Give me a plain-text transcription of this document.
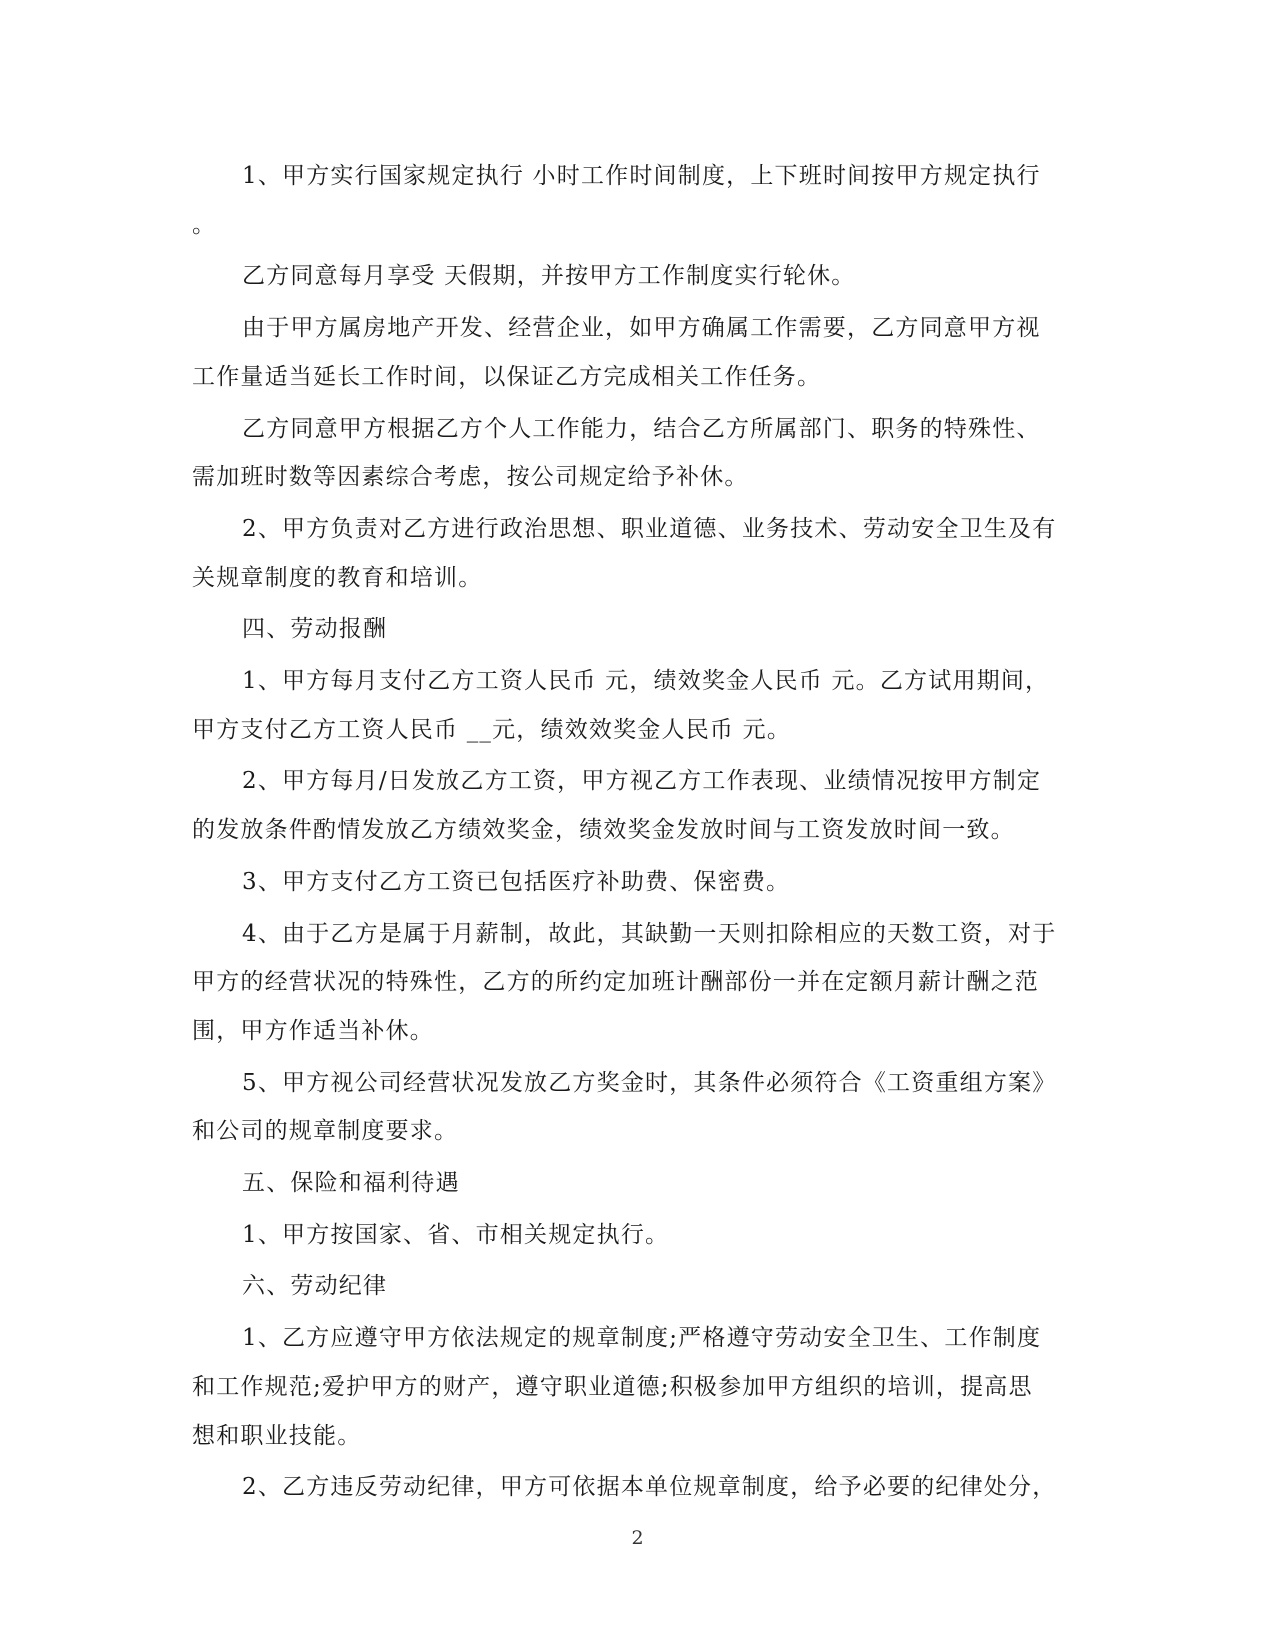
1、甲方实行国家规定执行 小时工作时间制度，上下班时间按甲方规定执行
。

乙方同意每月享受 天假期，并按甲方工作制度实行轮休。

由于甲方属房地产开发、经营企业，如甲方确属工作需要，乙方同意甲方视
工作量适当延长工作时间，以保证乙方完成相关工作任务。

乙方同意甲方根据乙方个人工作能力，结合乙方所属部门、职务的特殊性、
需加班时数等因素综合考虑，按公司规定给予补休。

2、甲方负责对乙方进行政治思想、职业道德、业务技术、劳动安全卫生及有
关规章制度的教育和培训。

四、劳动报酬

1、甲方每月支付乙方工资人民币 元，绩效奖金人民币 元。乙方试用期间，
甲方支付乙方工资人民币 __元，绩效效奖金人民币 元。

2、甲方每月/日发放乙方工资，甲方视乙方工作表现、业绩情况按甲方制定
的发放条件酌情发放乙方绩效奖金，绩效奖金发放时间与工资发放时间一致。

3、甲方支付乙方工资已包括医疗补助费、保密费。

4、由于乙方是属于月薪制，故此，其缺勤一天则扣除相应的天数工资，对于
甲方的经营状况的特殊性，乙方的所约定加班计酬部份一并在定额月薪计酬之范
围，甲方作适当补休。

5、甲方视公司经营状况发放乙方奖金时，其条件必须符合《工资重组方案》
和公司的规章制度要求。

五、保险和福利待遇

1、甲方按国家、省、市相关规定执行。

六、劳动纪律

1、乙方应遵守甲方依法规定的规章制度;严格遵守劳动安全卫生、工作制度
和工作规范;爱护甲方的财产，遵守职业道德;积极参加甲方组织的培训，提高思
想和职业技能。

2、乙方违反劳动纪律，甲方可依据本单位规章制度，给予必要的纪律处分，

2
